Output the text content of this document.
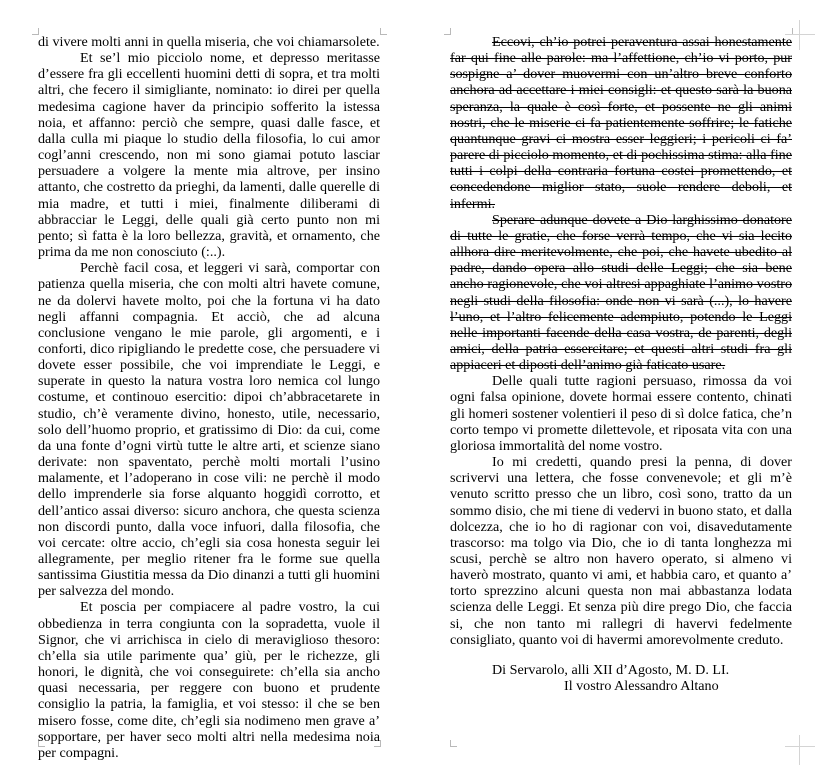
di vivere molti anni in quella miseria, che voi chiamarsolete.

Et se’l mio picciolo nome, et depresso meritasse d’essere fra gli eccellenti huomini detti di sopra, et tra molti altri, che fecero il simigliante, nominato: io direi per quella medesima cagione haver da principio sofferito la istessa noia, et affanno: perciò che sempre, quasi dalle fasce, et dalla culla mi piaque lo studio della filosofia, lo cui amor cogl’anni crescendo, non mi sono giamai potuto lasciar persuadere a volgere la mente mia altrove, per insino attanto, che costretto da prieghi, da lamenti, dalle querelle di mia madre, et tutti i miei, finalmente diliberami di abbracciar le Leggi, delle quali già certo punto non mi pento; sì fatta è la loro bellezza, gravità, et ornamento, che prima da me non conosciuto (:..).

Perchè facil cosa, et leggeri vi sarà, comportar con patienza quella miseria, che con molti altri havete comune, ne da dolervi havete molto, poi che la fortuna vi ha dato negli affanni compagnia. Et acciò, che ad alcuna conclusione vengano le mie parole, gli argomenti, e i conforti, dico ripigliando le predette cose, che persuadere vi dovete esser possibile, che voi imprendiate le Leggi, e superate in questo la natura vostra loro nemica col lungo costume, et continouo esercitio: dipoi ch’abbracetarete in studio, ch’è veramente divino, honesto, utile, necessario, solo dell’huomo proprio, et gratissimo di Dio: da cui, come da una fonte d’ogni virtù tutte le altre arti, et scienze siano derivate: non spaventato, perchè molti mortali l’usino malamente, et l’adoperano in cose vili: ne perchè il modo dello imprenderle sia forse alquanto hoggidì corrotto, et dell’antico assai diverso: sicuro anchora, che questa scienza non discordi punto, dalla voce infuori, dalla filosofia, che voi cercate: oltre accio, ch’egli sia cosa honesta seguir lei allegramente, per meglio ritener fra le forme sue quella santissima Giustitia messa da Dio dinanzi a tutti gli huomini per salvezza del mondo.

Et poscia per compiacere al padre vostro, la cui obbedienza in terra congiunta con la sopradetta, vuole il Signor, che vi arrichisca in cielo di meraviglioso thesoro: ch’ella sia utile parimente qua’ giù, per le richezze, gli honori, le dignità, che voi conseguirete: ch’ella sia ancho quasi necessaria, per reggere con buono et prudente consiglio la patria, la famiglia, et voi stesso: il che se ben misero fosse, come dite, ch’egli sia nodimeno men grave a’ sopportare, per haver seco molti altri nella medesima noia per compagni.

Eccovi, ch’io potrei peraventura assai honestamente far qui fine alle parole: ma l’affettione, ch’io vi porto, pur sospigne a’ dover muovermi con un’altro breve conforto anchora ad accettare i miei consigli: et questo sarà la buona speranza, la quale è così forte, et possente ne gli animi nostri, che le miserie ci fa patientemente soffrire; le fatiche quantunque gravi ci mostra esser leggieri; i pericoli ci fa’ parere di picciolo momento, et di pochissima stima: alla fine tutti i colpi della contraria fortuna costei promettendo, et concedendone miglior stato, suole rendere deboli, et infermi.

Sperare adunque dovete a Dio larghissimo donatore di tutte le gratie, che forse verrà tempo, che vi sia lecito allhora dire meritevolmente, che poi, che havete ubedito al padre, dando opera allo studi delle Leggi; che sia bene ancho ragionevole, che voi altresi appaghiate l’animo vostro negli studi della filosofia: onde non vi sarà (...), lo havere l’uno, et l’altro felicemente adempiuto, potendo le Leggi nelle importanti facende della casa vostra, de parenti, degli amici, della patria essercitare; et questi altri studi fra gli appiaceri et diposti dell’animo già faticato usare.

Delle quali tutte ragioni persuaso, rimossa da voi ogni falsa opinione, dovete hormai essere contento, chinati gli homeri sostener volentieri il peso di sì dolce fatica, che’n corto tempo vi promette dilettevole, et riposata vita con una gloriosa immortalità del nome vostro.

Io mi credetti, quando presi la penna, di dover scrivervi una lettera, che fosse convenevole; et gli m’è venuto scritto presso che un libro, così sono, tratto da un sommo disio, che mi tiene di vedervi in buono stato, et dalla dolcezza, che io ho di ragionar con voi, disavedutamente trascorso: ma tolgo via Dio, che io di tanta longhezza mi scusi, perchè se altro non havero operato, si almeno vi haverò mostrato, quanto vi ami, et habbia caro, et quanto a’ torto sprezzino alcuni questa non mai abbastanza lodata scienza delle Leggi. Et senza più dire prego Dio, che faccia si, che non tanto mi rallegri di havervi fedelmente consigliato, quanto voi di havermi amorevolmente creduto.

Di Servarolo, alli XII d’Agosto, M. D. LI.

Il vostro Alessandro Altano
